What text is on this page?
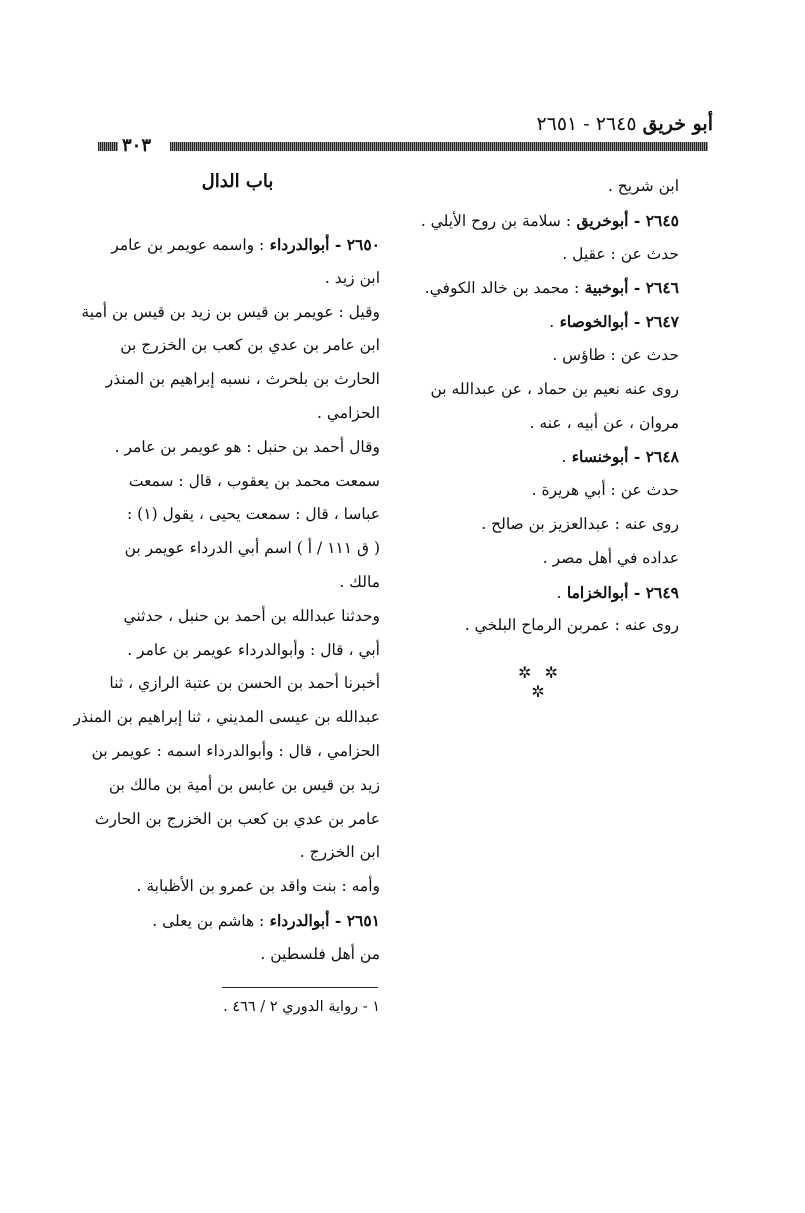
أبو خريق ٢٦٤٥ - ٢٦٥١
٣٠٣
ابن شريح .
٢٦٤٥ - أبوخريق : سلامة بن روح الأيلي .
حدث عن : عقيل .
٢٦٤٦ - أبوخبية : محمد بن خالد الكوفي.
٢٦٤٧ - أبوالخوصاء .
حدث عن : طاؤس .
روى عنه نعيم بن حماد ، عن عبدالله بن
مروان ، عن أبيه ، عنه .
٢٦٤٨ - أبوخنساء .
حدث عن : أبي هريرة .
روى عنه : عبدالعزيز بن صالح .
عداده في أهل مصر .
٢٦٤٩ - أبوالخزاما .
روى عنه : عمربن الرماح البلخي .
✲ ✲ ✲
باب الدال
٢٦٥٠ - أبوالدرداء : واسمه عويمر بن عامر
ابن زيد .
وقيل : عويمر بن قيس بن زيد بن قيس بن أمية
ابن عامر بن عدي بن كعب بن الخزرج بن
الحارث بن بلحرث ، نسبه إبراهيم بن المنذر
الحزامي .
وقال أحمد بن حنبل : هو عويمر بن عامر .
سمعت محمد بن يعقوب ، قال : سمعت
عباسا ، قال : سمعت يحيى ، يقول (١) :
( ق ١١١ / أ ) اسم أبي الدرداء عويمر بن
مالك .
وحدثنا عبدالله بن أحمد بن حنبل ، حدثني
أبي ، قال : وأبوالدرداء عويمر بن عامر .
أخبرنا أحمد بن الحسن بن عتبة الرازي ، ثنا
عبدالله بن عيسى المديني ، ثنا إبراهيم بن المنذر
الحزامي ، قال : وأبوالدرداء اسمه : عويمر بن
زيد بن قيس بن عابس بن أمية بن مالك بن
عامر بن عدي بن كعب بن الخزرج بن الحارث
ابن الخزرج .
وأمه : بنت واقد بن عمرو بن الأظبابة .
٢٦٥١ - أبوالدرداء : هاشم بن يعلى .
من أهل فلسطين .
١ - رواية الدوري ٢ / ٤٦٦ .
